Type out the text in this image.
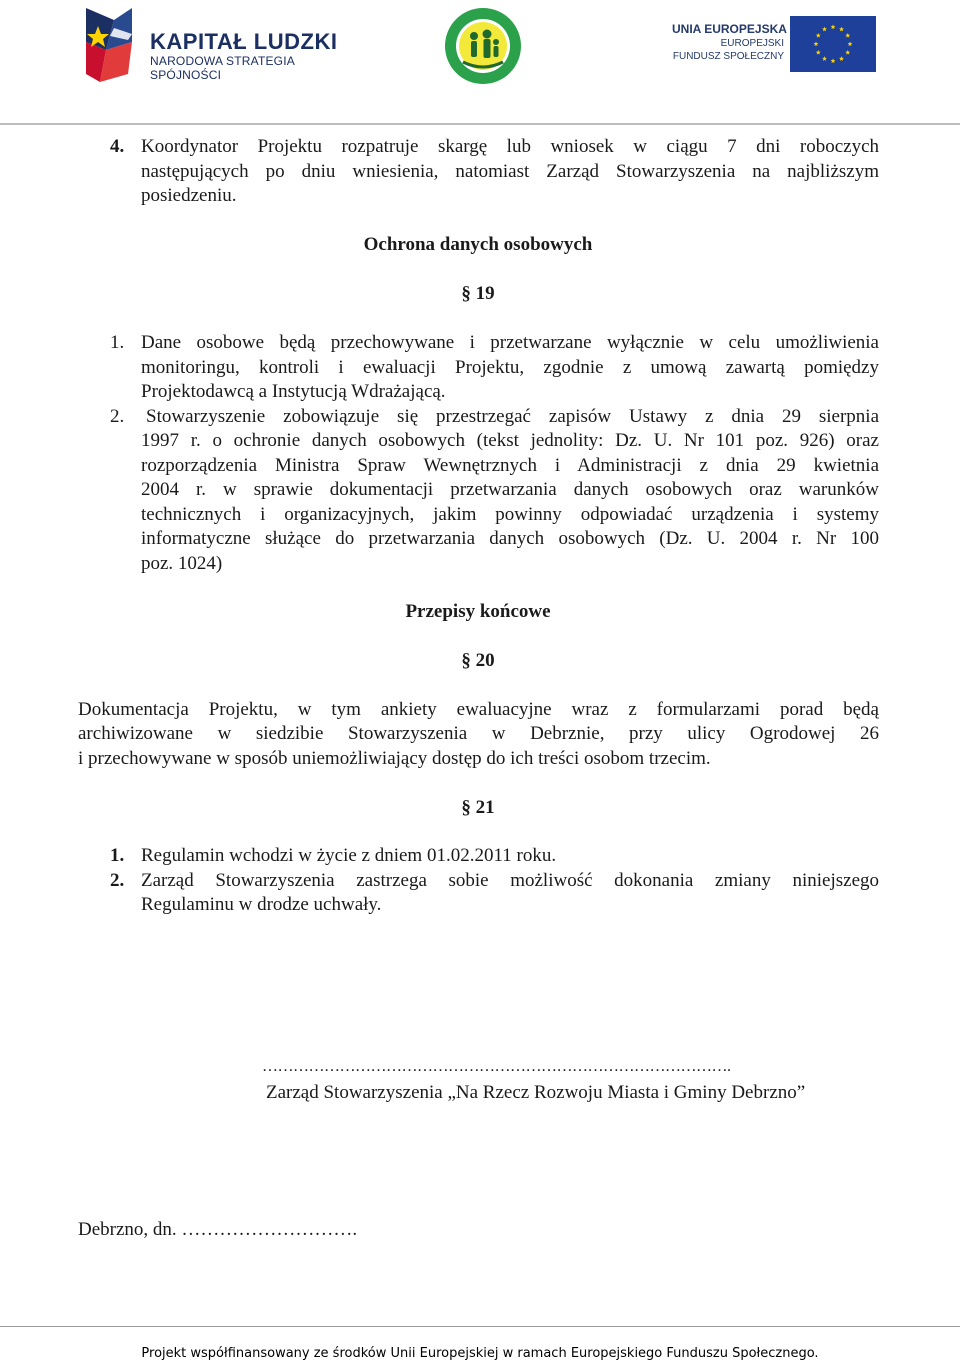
KAPITAŁ LUDZKI
NARODOWA STRATEGIA SPÓJNOŚCI
UNIA EUROPEJSKA
EUROPEJSKI
FUNDUSZ SPOŁECZNY
4. Koordynator Projektu rozpatruje skargę lub wniosek w ciągu 7 dni roboczych
następujących po dniu wniesienia, natomiast Zarząd Stowarzyszenia na najbliższym
posiedzeniu.
Ochrona danych osobowych
§ 19
1. Dane osobowe będą przechowywane i przetwarzane wyłącznie w celu umożliwienia
monitoringu, kontroli i ewaluacji Projektu, zgodnie z umową zawartą pomiędzy
Projektodawcą a Instytucją Wdrażającą.
2. Stowarzyszenie zobowiązuje się przestrzegać zapisów Ustawy z dnia 29 sierpnia
1997 r. o ochronie danych osobowych (tekst jednolity: Dz. U. Nr 101 poz. 926) oraz
rozporządzenia Ministra Spraw Wewnętrznych i Administracji z dnia 29 kwietnia
2004 r. w sprawie dokumentacji przetwarzania danych osobowych oraz warunków
technicznych i organizacyjnych, jakim powinny odpowiadać urządzenia i systemy
informatyczne służące do przetwarzania danych osobowych (Dz. U. 2004 r. Nr 100
poz. 1024)
Przepisy końcowe
§ 20
Dokumentacja Projektu, w tym ankiety ewaluacyjne wraz z formularzami porad będą
archiwizowane w siedzibie Stowarzyszenia w Debrznie, przy ulicy Ogrodowej 26
i przechowywane w sposób uniemożliwiający dostęp do ich treści osobom trzecim.
§ 21
1. Regulamin wchodzi w życie z dniem 01.02.2011 roku.
2. Zarząd Stowarzyszenia zastrzega sobie możliwość dokonania zmiany niniejszego
Regulaminu w drodze uchwały.
……………………………………………………………………………….
Zarząd Stowarzyszenia „Na Rzecz Rozwoju Miasta i Gminy Debrzno”
Debrzno, dn. ……………………….
Projekt współfinansowany ze środków Unii Europejskiej w ramach Europejskiego Funduszu Społecznego.
